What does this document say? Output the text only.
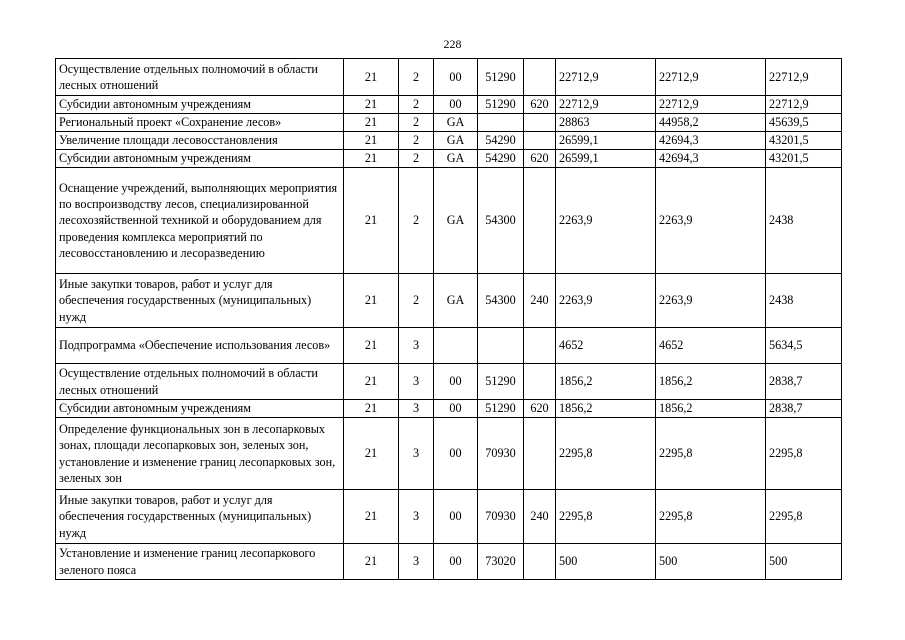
228
Осуществление отдельных полномочий в области лесных отношений	21	2	00	51290		22712,9	22712,9	22712,9
Субсидии автономным учреждениям	21	2	00	51290	620	22712,9	22712,9	22712,9
Региональный проект «Сохранение лесов»	21	2	GA			28863	44958,2	45639,5
Увеличение площади лесовосстановления	21	2	GA	54290		26599,1	42694,3	43201,5
Субсидии автономным учреждениям	21	2	GA	54290	620	26599,1	42694,3	43201,5
Оснащение учреждений, выполняющих мероприятия по воспроизводству лесов, специализированной лесохозяйственной техникой и оборудованием для проведения комплекса мероприятий по лесовосстановлению и лесоразведению	21	2	GA	54300		2263,9	2263,9	2438
Иные закупки товаров, работ и услуг для обеспечения государственных (муниципальных) нужд	21	2	GA	54300	240	2263,9	2263,9	2438
Подпрограмма «Обеспечение использования лесов»	21	3				4652	4652	5634,5
Осуществление отдельных полномочий в области лесных отношений	21	3	00	51290		1856,2	1856,2	2838,7
Субсидии автономным учреждениям	21	3	00	51290	620	1856,2	1856,2	2838,7
Определение функциональных зон в лесопарковых зонах, площади лесопарковых зон, зеленых зон, установление и изменение границ лесопарковых зон, зеленых зон	21	3	00	70930		2295,8	2295,8	2295,8
Иные закупки товаров, работ и услуг для обеспечения государственных (муниципальных) нужд	21	3	00	70930	240	2295,8	2295,8	2295,8
Установление и изменение границ лесопаркового зеленого пояса	21	3	00	73020		500	500	500
